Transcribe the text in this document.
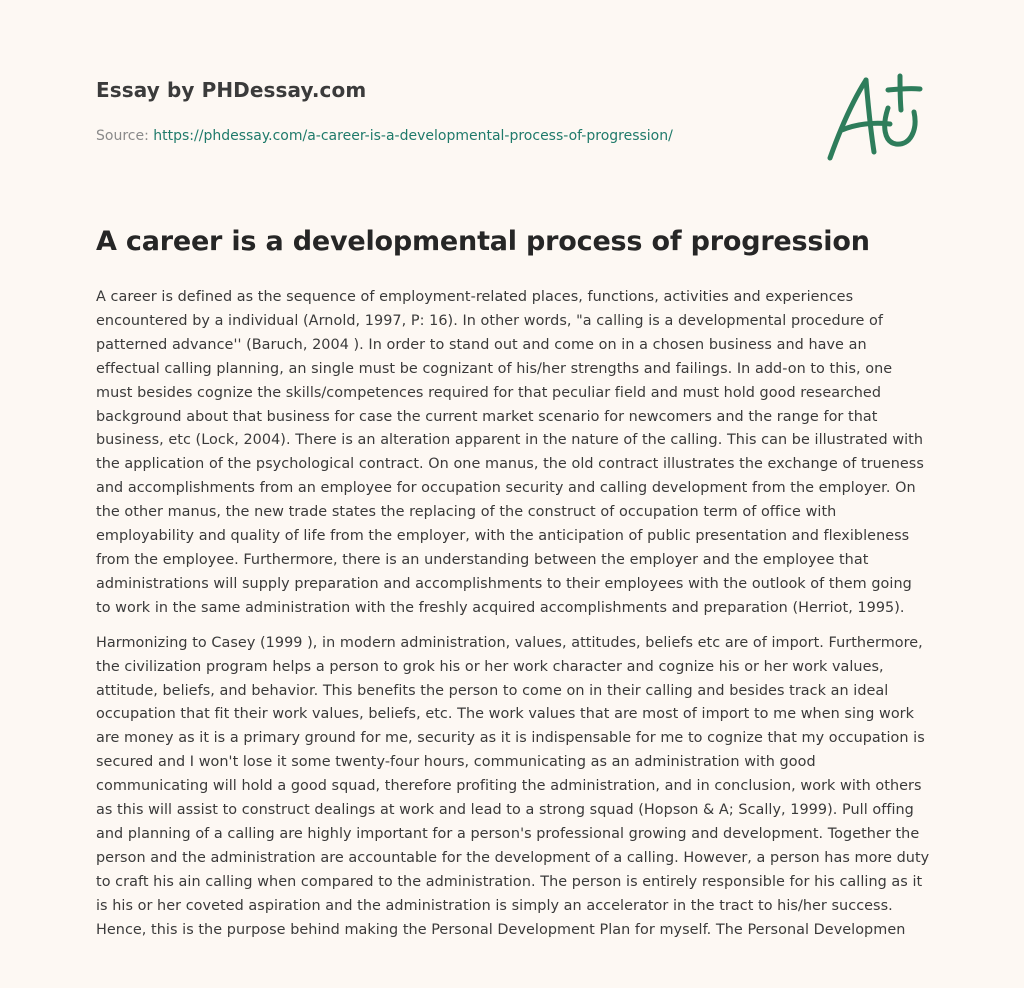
Essay by PHDessay.com
Source: https://phdessay.com/a-career-is-a-developmental-process-of-progression/
A career is a developmental process of progression

A career is defined as the sequence of employment-related places, functions, activities and experiences encountered by a individual (Arnold, 1997, P: 16). In other words, "a calling is a developmental procedure of patterned advance'' (Baruch, 2004 ). In order to stand out and come on in a chosen business and have an effectual calling planning, an single must be cognizant of his/her strengths and failings. In add-on to this, one must besides cognize the skills/competences required for that peculiar field and must hold good researched background about that business for case the current market scenario for newcomers and the range for that business, etc (Lock, 2004). There is an alteration apparent in the nature of the calling. This can be illustrated with the application of the psychological contract. On one manus, the old contract illustrates the exchange of trueness and accomplishments from an employee for occupation security and calling development from the employer. On the other manus, the new trade states the replacing of the construct of occupation term of office with employability and quality of life from the employer, with the anticipation of public presentation and flexibleness from the employee. Furthermore, there is an understanding between the employer and the employee that administrations will supply preparation and accomplishments to their employees with the outlook of them going to work in the same administration with the freshly acquired accomplishments and preparation (Herriot, 1995).

Harmonizing to Casey (1999 ), in modern administration, values, attitudes, beliefs etc are of import. Furthermore, the civilization program helps a person to grok his or her work character and cognize his or her work values, attitude, beliefs, and behavior. This benefits the person to come on in their calling and besides track an ideal occupation that fit their work values, beliefs, etc. The work values that are most of import to me when sing work are money as it is a primary ground for me, security as it is indispensable for me to cognize that my occupation is secured and I won't lose it some twenty-four hours, communicating as an administration with good communicating will hold a good squad, therefore profiting the administration, and in conclusion, work with others as this will assist to construct dealings at work and lead to a strong squad (Hopson & A; Scally, 1999). Pull offing and planning of a calling are highly important for a person's professional growing and development. Together the person and the administration are accountable for the development of a calling. However, a person has more duty to craft his ain calling when compared to the administration. The person is entirely responsible for his calling as it is his or her coveted aspiration and the administration is simply an accelerator in the tract to his/her success. Hence, this is the purpose behind making the Personal Development Plan for myself. The Personal Developmen
